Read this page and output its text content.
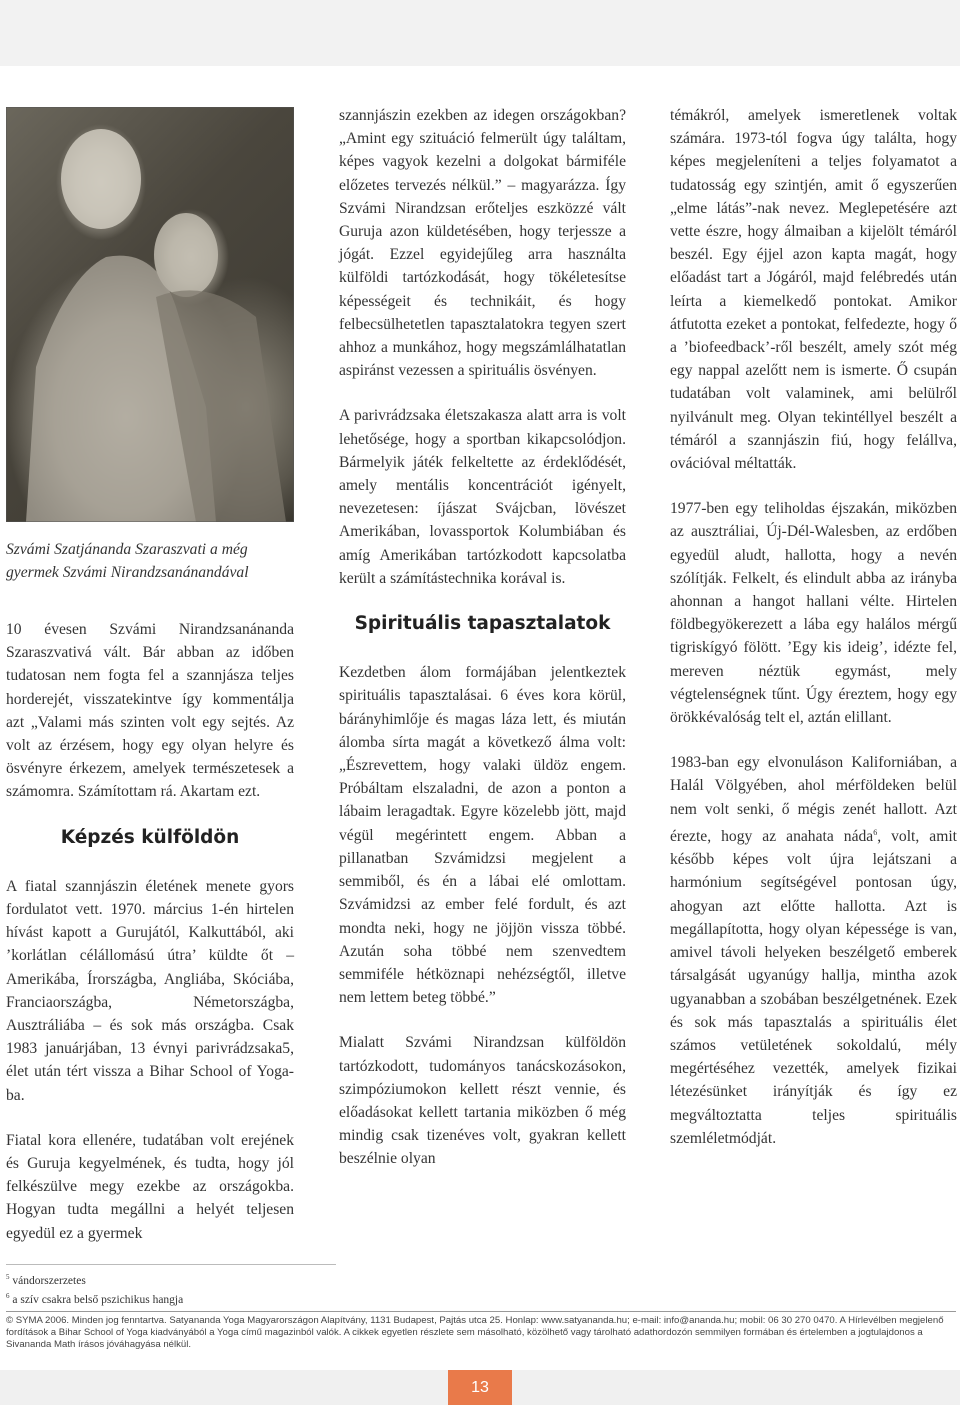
Szvámi Szatjánanda Szaraszvati a még gyermek Szvámi Nirandzsanánandával

10 évesen Szvámi Nirandzsanánanda Szaraszvativá vált. Bár abban az időben tudatosan nem fogta fel a szannjásza teljes horderejét, visszatekintve így kommentálja azt „Valami más szinten volt egy sejtés. Az volt az érzésem, hogy egy olyan helyre és ösvényre érkezem, amelyek természetesek a számomra. Számítottam rá. Akartam ezt.

Képzés külföldön

A fiatal szannjászin életének menete gyors fordulatot vett. 1970. március 1-én hirtelen hívást kapott a Gurujától, Kalkuttából, aki ’korlátlan célállomású útra’ küldte őt – Amerikába, Írországba, Angliába, Skóciába, Franciaországba, Németországba, Ausztráliába – és sok más országba. Csak 1983 januárjában, 13 évnyi parivrádzsaka5, élet után tért vissza a Bihar School of Yoga-ba.

Fiatal kora ellenére, tudatában volt erejének és Guruja kegyelmének, és tudta, hogy jól felkészülve megy ezekbe az országokba. Hogyan tudta megállni a helyét teljesen egyedül ez a gyermek

szannjászin ezekben az idegen országokban? „Amint egy szituáció felmerült úgy találtam, képes vagyok kezelni a dolgokat bármiféle előzetes tervezés nélkül.” – magyarázza. Így Szvámi Nirandzsan erőteljes eszközzé vált Guruja azon küldetésében, hogy terjessze a jógát. Ezzel egyidejűleg arra használta külföldi tartózkodását, hogy tökéletesítse képességeit és technikáit, és hogy felbecsülhetetlen tapasztalatokra tegyen szert ahhoz a munkához, hogy megszámlálhatatlan aspiránst vezessen a spirituális ösvényen.

A parivrádzsaka életszakasza alatt arra is volt lehetősége, hogy a sportban kikapcsolódjon. Bármelyik játék felkeltette az érdeklődését, amely mentális koncentrációt igényelt, nevezetesen: íjászat Svájcban, lövészet Amerikában, lovassportok Kolumbiában és amíg Amerikában tartózkodott kapcsolatba került a számítástechnika korával is.

Spirituális tapasztalatok

Kezdetben álom formájában jelentkeztek spirituális tapasztalásai. 6 éves kora körül, bárányhimlője és magas láza lett, és miután álomba sírta magát a következő álma volt: „Észrevettem, hogy valaki üldöz engem. Próbáltam elszaladni, de azon a ponton a lábaim leragadtak. Egyre közelebb jött, majd végül megérintett engem. Abban a pillanatban Szvámidzsi megjelent a semmiből, és én a lábai elé omlottam. Szvámidzsi az ember felé fordult, és azt mondta neki, hogy ne jöjjön vissza többé. Azután soha többé nem szenvedtem semmiféle hétköznapi nehézségtől, illetve nem lettem beteg többé.”

Mialatt Szvámi Nirandzsan külföldön tartózkodott, tudományos tanácskozásokon, szimpóziumokon kellett részt vennie, és előadásokat kellett tartania miközben ő még mindig csak tizenéves volt, gyakran kellett beszélnie olyan

témákról, amelyek ismeretlenek voltak számára. 1973-tól fogva úgy találta, hogy képes megjeleníteni a teljes folyamatot a tudatosság egy szintjén, amit ő egyszerűen „elme látás”-nak nevez. Meglepetésére azt vette észre, hogy álmaiban a kijelölt témáról beszél. Egy éjjel azon kapta magát, hogy előadást tart a Jógáról, majd felébredés után leírta a kiemelkedő pontokat. Amikor átfutotta ezeket a pontokat, felfedezte, hogy ő a ’biofeedback’-ről beszélt, amely szót még egy nappal azelőtt nem is ismerte. Ő csupán tudatában volt valaminek, ami belülről nyilvánult meg. Olyan tekintéllyel beszélt a témáról a szannjászin fiú, hogy felállva, ovációval méltatták.

1977-ben egy teliholdas éjszakán, miközben az ausztráliai, Új-Dél-Walesben, az erdőben egyedül aludt, hallotta, hogy a nevén szólítják. Felkelt, és elindult abba az irányba ahonnan a hangot hallani vélte. Hirtelen földbegyökerezett a lába egy halálos mérgű tigriskígyó fölött. ’Egy kis ideig’, idézte fel, mereven néztük egymást, mely végtelenségnek tűnt. Úgy éreztem, hogy egy örökkévalóság telt el, aztán elillant.

1983-ban egy elvonuláson Kaliforniában, a Halál Völgyében, ahol mérföldeken belül nem volt senki, ő mégis zenét hallott. Azt érezte, hogy az anahata náda$^6$, volt, amit később képes volt újra lejátszani a harmónium segítségével pontosan úgy, ahogyan azt előtte hallotta. Azt is megállapította, hogy olyan képessége is van, amivel távoli helyeken beszélgető emberek társalgását ugyanúgy hallja, mintha azok ugyanabban a szobában beszélgetnének. Ezek és sok más tapasztalás a spirituális élet számos vetületének sokoldalú, mély megértéséhez vezették, amelyek fizikai létezésünket irányítják és így ez megváltoztatta teljes spirituális szemléletmódját.

$^5$ vándorszerzetes
$^6$ a szív csakra belső pszichikus hangja
© SYMA 2006. Minden jog fenntartva. Satyananda Yoga Magyarországon Alapítvány, 1131 Budapest, Pajtás utca 25. Honlap: www.satyananda.hu; e-mail: info@ananda.hu; mobil: 06 30 270 0470. A Hírlevélben megjelenő fordítások a Bihar School of Yoga kiadványából a Yoga című magazinból valók. A cikkek egyetlen részlete sem másolható, közölhető vagy tárolható adathordozón semmilyen formában és értelemben a jogtulajdonos a Sivananda Math írásos jóváhagyása nélkül.
13
